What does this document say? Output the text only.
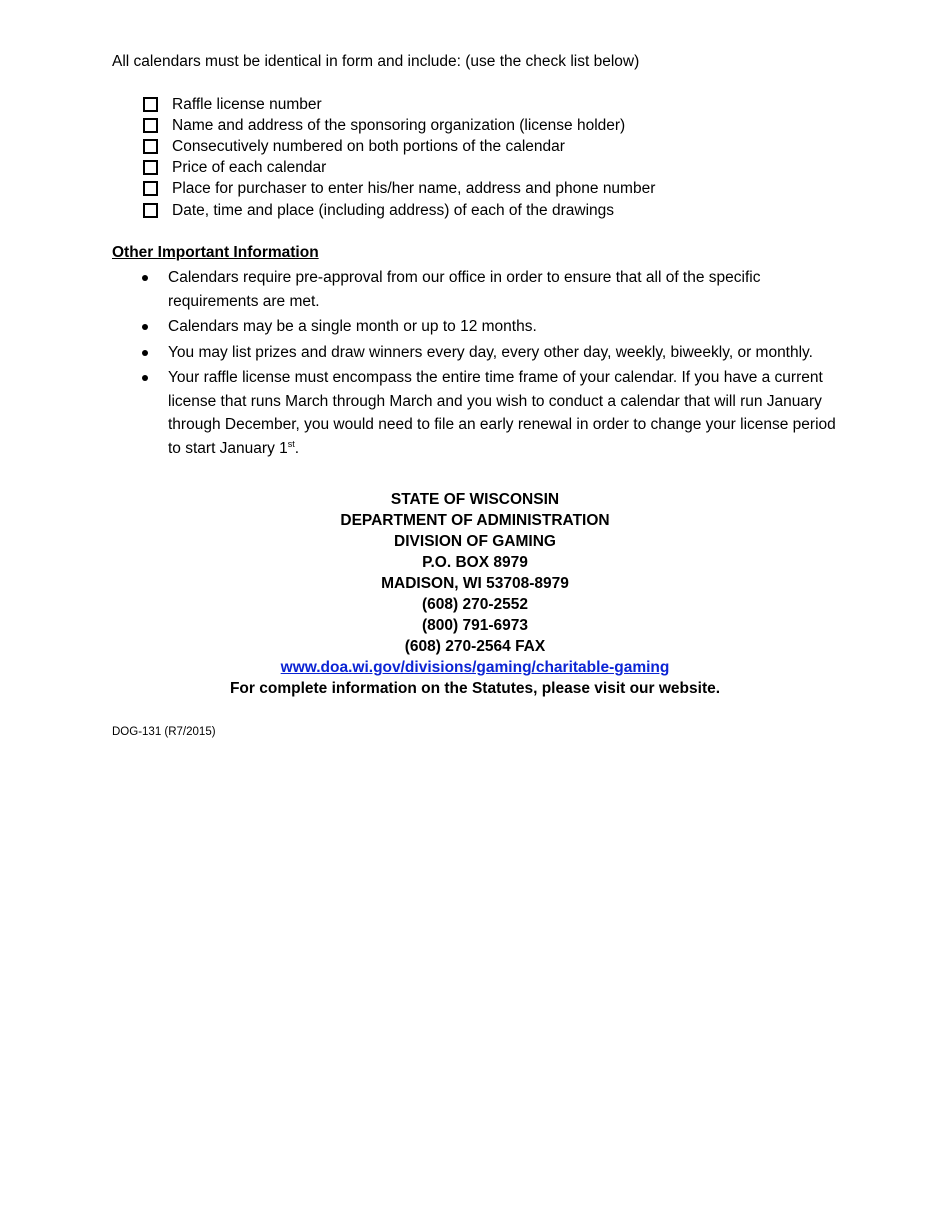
All calendars must be identical in form and include: (use the check list below)
Raffle license number
Name and address of the sponsoring organization (license holder)
Consecutively numbered on both portions of the calendar
Price of each calendar
Place for purchaser to enter his/her name, address and phone number
Date, time and place (including address) of each of the drawings
Other Important Information
Calendars require pre-approval from our office in order to ensure that all of the specific requirements are met.
Calendars may be a single month or up to 12 months.
You may list prizes and draw winners every day, every other day, weekly, biweekly, or monthly.
Your raffle license must encompass the entire time frame of your calendar. If you have a current license that runs March through March and you wish to conduct a calendar that will run January through December, you would need to file an early renewal in order to change your license period to start January 1st.
STATE OF WISCONSIN
DEPARTMENT OF ADMINISTRATION
DIVISION OF GAMING
P.O. BOX 8979
MADISON, WI 53708-8979
(608) 270-2552
(800) 791-6973
(608) 270-2564 FAX
www.doa.wi.gov/divisions/gaming/charitable-gaming
For complete information on the Statutes, please visit our website.
DOG-131 (R7/2015)
